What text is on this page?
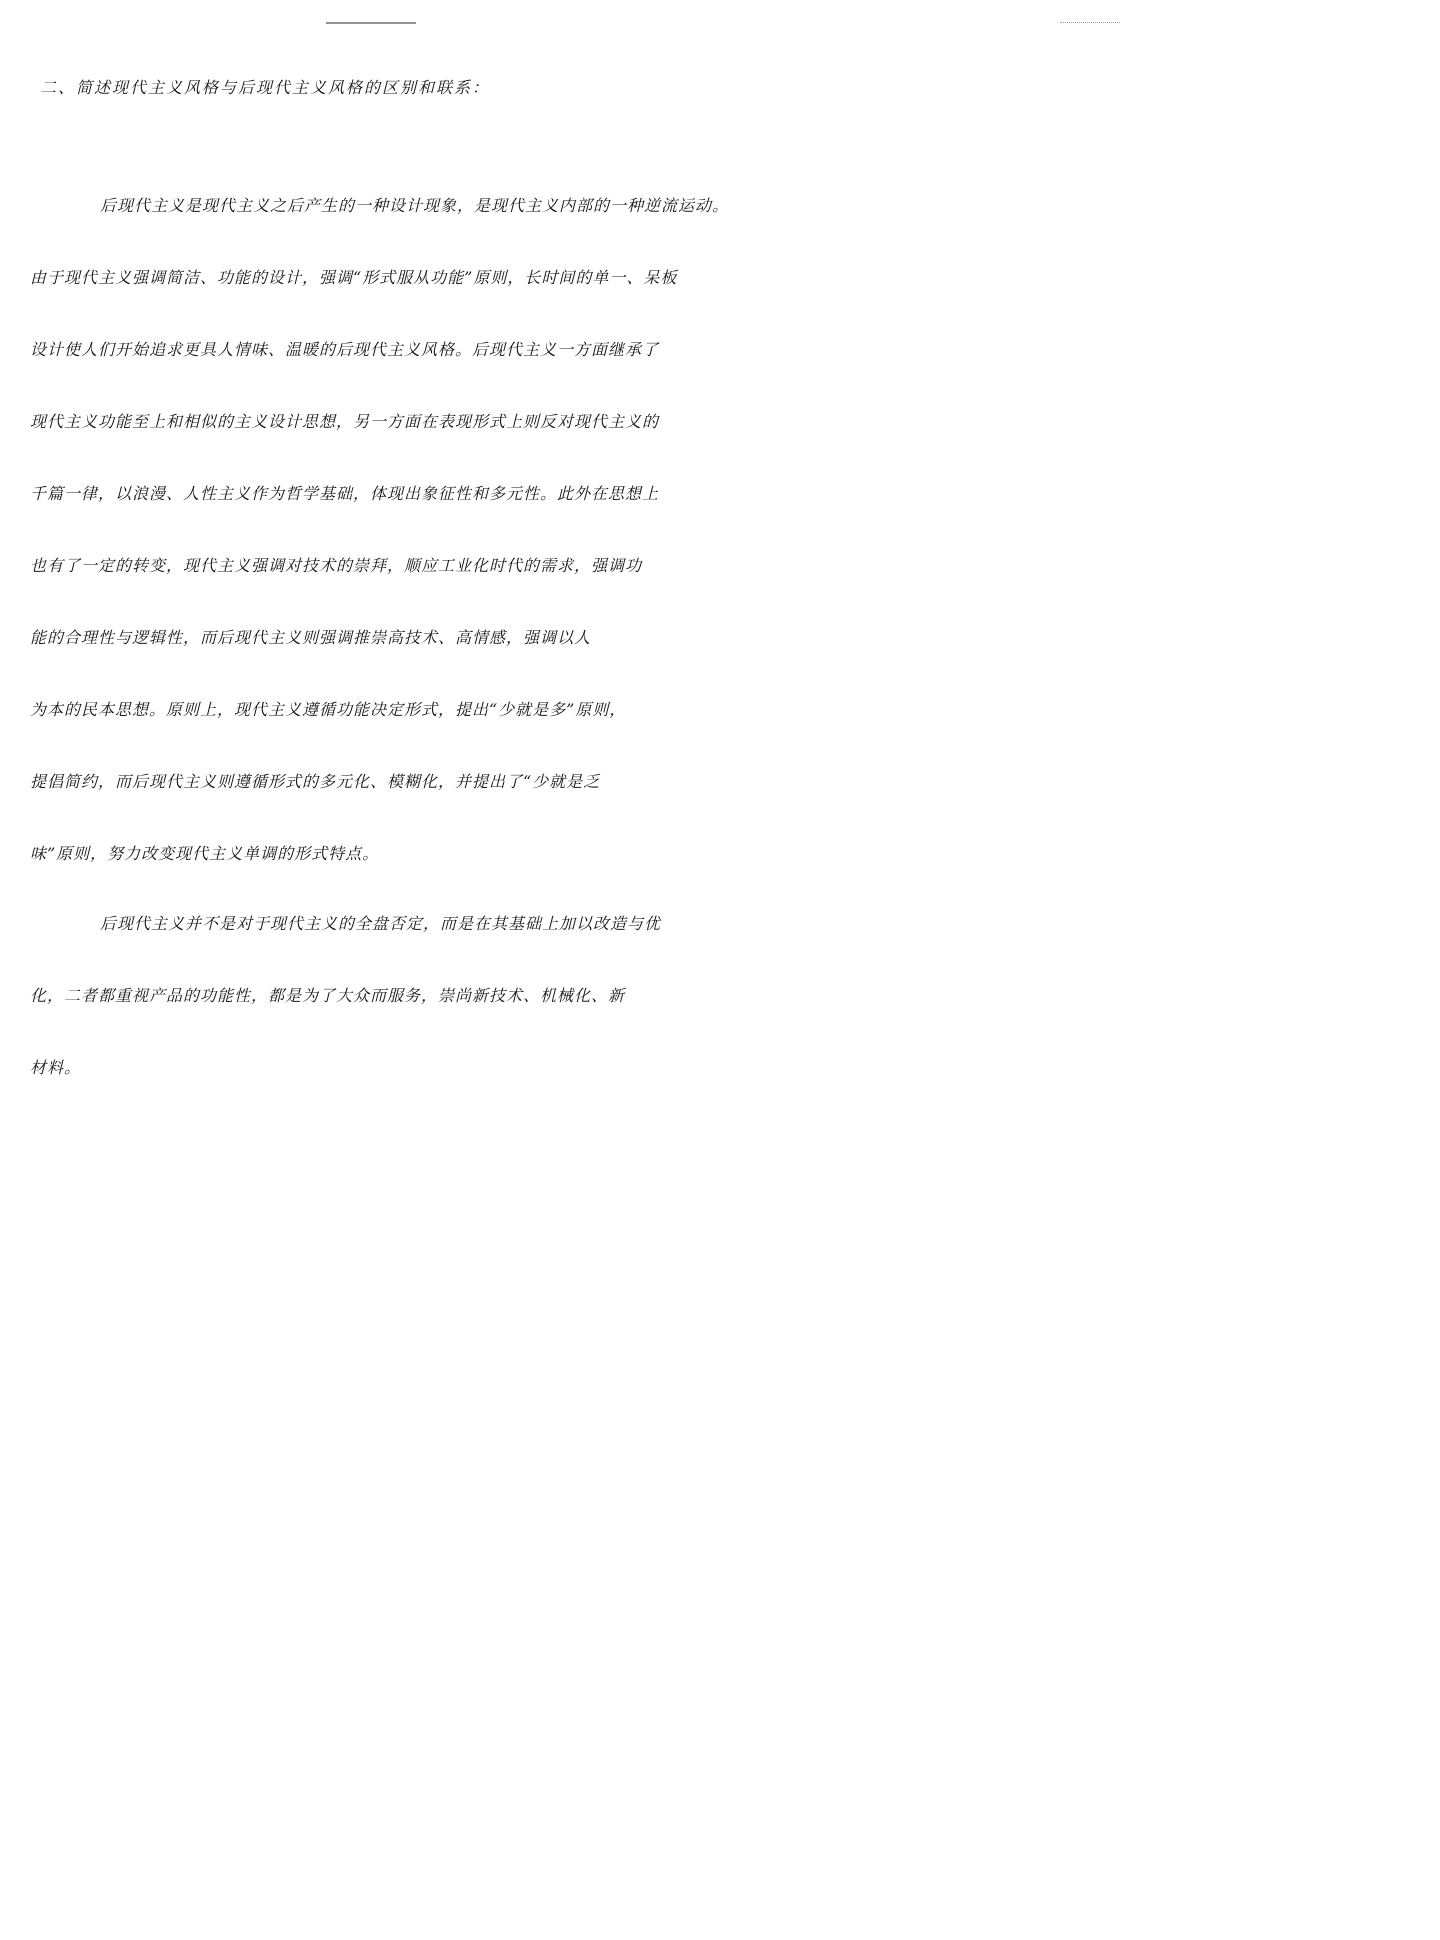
二、简述现代主义风格与后现代主义风格的区别和联系：
后现代主义是现代主义之后产生的一种设计现象，是现代主义内部的一种逆流运动。
由于现代主义强调简洁、功能的设计，强调“形式服从功能”原则，长时间的单一、呆板
设计使人们开始追求更具人情味、温暖的后现代主义风格。后现代主义一方面继承了
现代主义功能至上和相似的主义设计思想，另一方面在表现形式上则反对现代主义的
千篇一律，以浪漫、人性主义作为哲学基础，体现出象征性和多元性。此外在思想上
也有了一定的转变，现代主义强调对技术的崇拜，顺应工业化时代的需求，强调功
能的合理性与逻辑性，而后现代主义则强调推崇高技术、高情感，强调以人
为本的民本思想。原则上，现代主义遵循功能决定形式，提出“少就是多”原则，
提倡简约，而后现代主义则遵循形式的多元化、模糊化，并提出了“少就是乏
味”原则，努力改变现代主义单调的形式特点。
后现代主义并不是对于现代主义的全盘否定，而是在其基础上加以改造与优
化，二者都重视产品的功能性，都是为了大众而服务，崇尚新技术、机械化、新
材料。
